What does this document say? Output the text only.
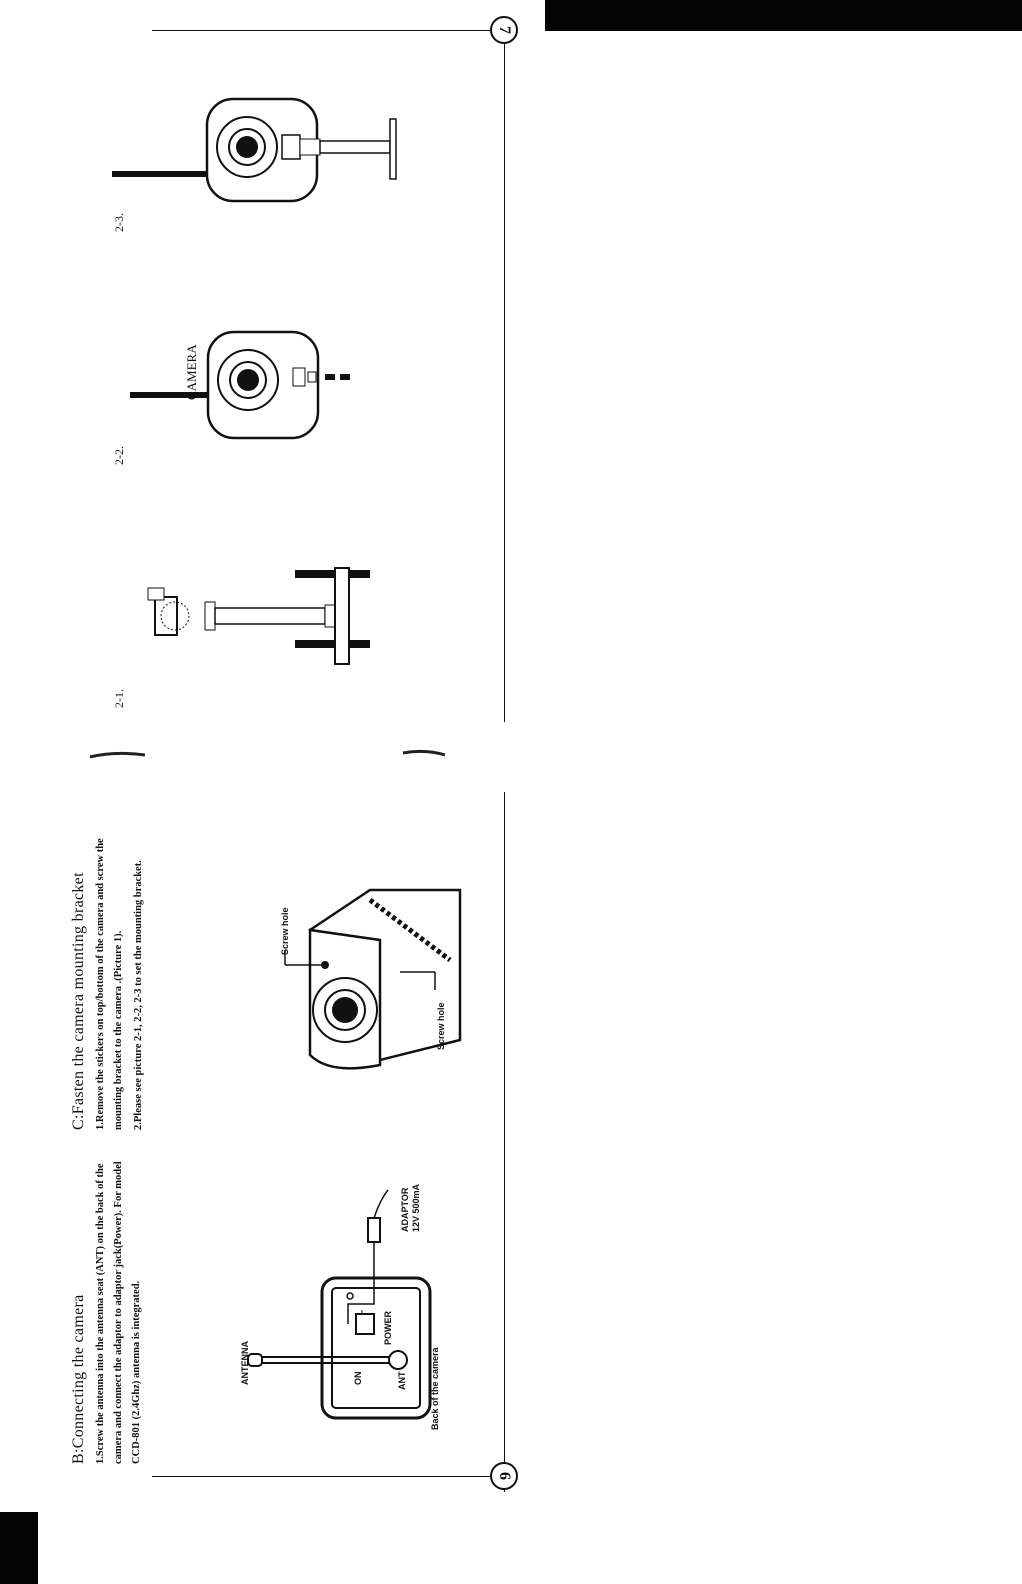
7
6
B:Connecting the camera 1.Screw the antenna into the antenna seat (ANT) on the back of the camera and connect the adaptor to adaptor jack(Power). For model CCD-801 (2.4Ghz) antenna is integrated.
C:Fasten the camera mounting bracket 1.Remove the stickers on top/bottom of the camera and screw the mounting bracket to the camera .(Picture 1). 2.Please see picture 2-1, 2-2, 2-3 to set the mounting bracket.
ANTENNA	ON	ANT
POWER
ADAPTOR 12V 500mA
Back of the camera
Screw hole
Screw hole
2-1.
2-2.
2-3.
CAMERA
